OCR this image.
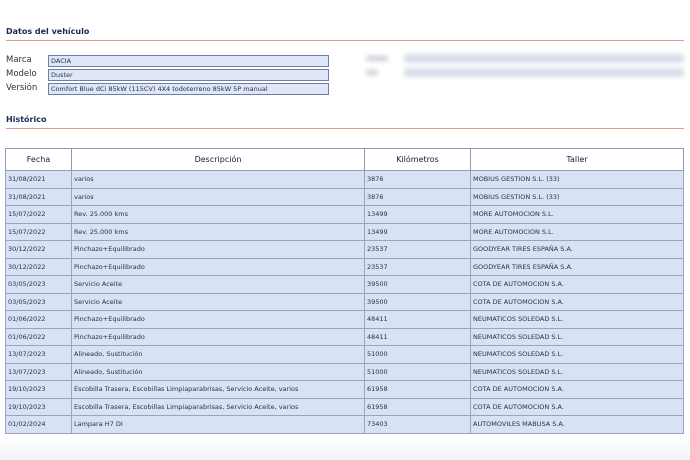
Datos del vehículo
Marca	DACIA
Modelo	Duster
Versión	Comfort Blue dCi 85kW (115CV) 4X4 todoterreno 85kW 5P manual
Histórico
Fecha	Descripción	Kilómetros	Taller
31/08/2021	varios	3876	MOBIUS GESTION S.L. (33)
31/08/2021	varios	3876	MOBIUS GESTION S.L. (33)
15/07/2022	Rev. 25.000 kms	13499	MORE AUTOMOCION S.L.
15/07/2022	Rev. 25.000 kms	13499	MORE AUTOMOCION S.L.
30/12/2022	Pinchazo+Equilibrado	23537	GOODYEAR TIRES ESPAÑA S.A.
30/12/2022	Pinchazo+Equilibrado	23537	GOODYEAR TIRES ESPAÑA S.A.
03/05/2023	Servicio Aceite	39500	COTA DE AUTOMOCION S.A.
03/05/2023	Servicio Aceite	39500	COTA DE AUTOMOCION S.A.
01/06/2022	Pinchazo+Equilibrado	48411	NEUMATICOS SOLEDAD S.L.
01/06/2022	Pinchazo+Equilibrado	48411	NEUMATICOS SOLEDAD S.L.
13/07/2023	Alineado, Sustitución	51000	NEUMATICOS SOLEDAD S.L.
13/07/2023	Alineado, Sustitución	51000	NEUMATICOS SOLEDAD S.L.
19/10/2023	Escobilla Trasera, Escobillas Limpiaparabrisas, Servicio Aceite, varios	61958	COTA DE AUTOMOCION S.A.
19/10/2023	Escobilla Trasera, Escobillas Limpiaparabrisas, Servicio Aceite, varios	61958	COTA DE AUTOMOCION S.A.
01/02/2024	Lampara H7 DI	73403	AUTOMOVILES MABUSA S.A.
